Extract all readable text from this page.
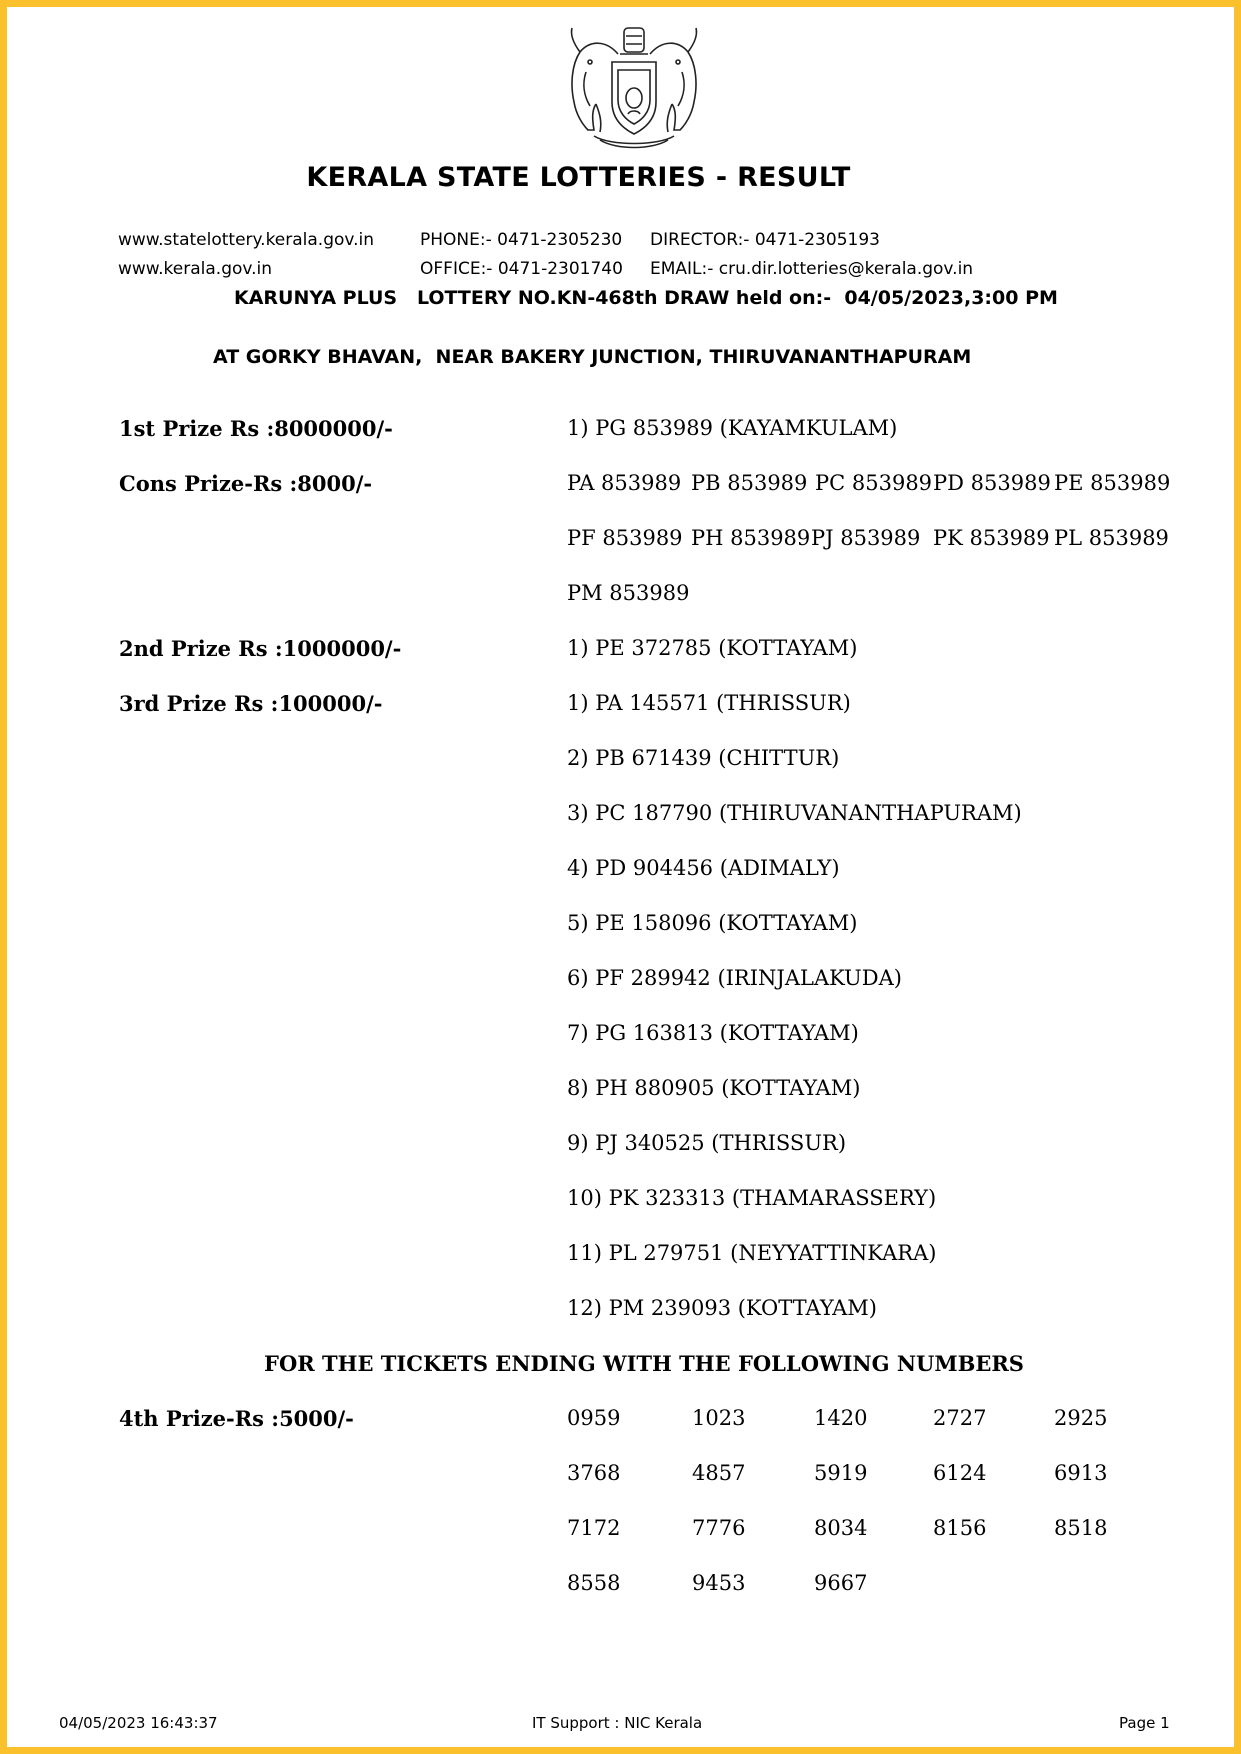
KERALA STATE LOTTERIES - RESULT
www.statelottery.kerala.gov.in
www.kerala.gov.in
PHONE:- 0471-2305230
OFFICE:- 0471-2301740
DIRECTOR:- 0471-2305193
EMAIL:- cru.dir.lotteries@kerala.gov.in
KARUNYA PLUS   LOTTERY NO.KN-468th DRAW held on:-  04/05/2023,3:00 PM
AT GORKY BHAVAN,  NEAR BAKERY JUNCTION, THIRUVANANTHAPURAM
1st Prize Rs :8000000/-	1) PG 853989 (KAYAMKULAM)
Cons Prize-Rs :8000/-	PA 853989 PB 853989 PC 853989 PD 853989 PE 853989
PF 853989 PH 853989 PJ 853989 PK 853989 PL 853989
PM 853989
2nd Prize Rs :1000000/-	1) PE 372785 (KOTTAYAM)
3rd Prize Rs :100000/-	1) PA 145571 (THRISSUR)
2) PB 671439 (CHITTUR)
3) PC 187790 (THIRUVANANTHAPURAM)
4) PD 904456 (ADIMALY)
5) PE 158096 (KOTTAYAM)
6) PF 289942 (IRINJALAKUDA)
7) PG 163813 (KOTTAYAM)
8) PH 880905 (KOTTAYAM)
9) PJ 340525 (THRISSUR)
10) PK 323313 (THAMARASSERY)
11) PL 279751 (NEYYATTINKARA)
12) PM 239093 (KOTTAYAM)
FOR THE TICKETS ENDING WITH THE FOLLOWING NUMBERS
4th Prize-Rs :5000/-	0959	1023	1420	2727	2925
3768	4857	5919	6124	6913
7172	7776	8034	8156	8518
8558	9453	9667
04/05/2023 16:43:37	IT Support : NIC Kerala	Page 1
